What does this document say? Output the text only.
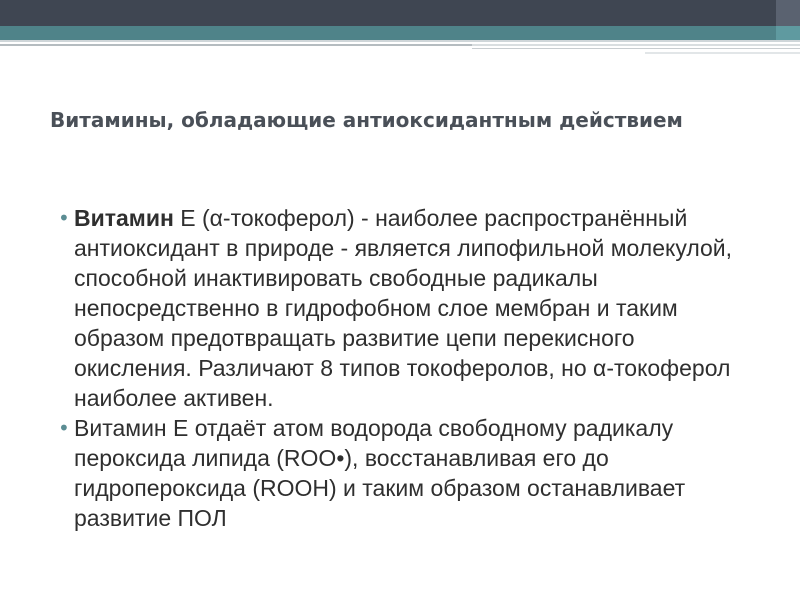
Витамины, обладающие антиоксидантным действием
• Витамин Е (α-токоферол) - наиболее распространённый антиоксидант в природе - является липофильной молекулой, способной инактивировать свободные радикалы непосредственно в гидрофобном слое мембран и таким образом предотвращать развитие цепи перекисного окисления. Различают 8 типов токоферолов, но α-токоферол наиболее активен.
• Витамин Е отдаёт атом водорода свободному радикалу пероксида липида (ROO•), восстанавливая его до гидропероксида (ROOH) и таким образом останавливает развитие ПОЛ
